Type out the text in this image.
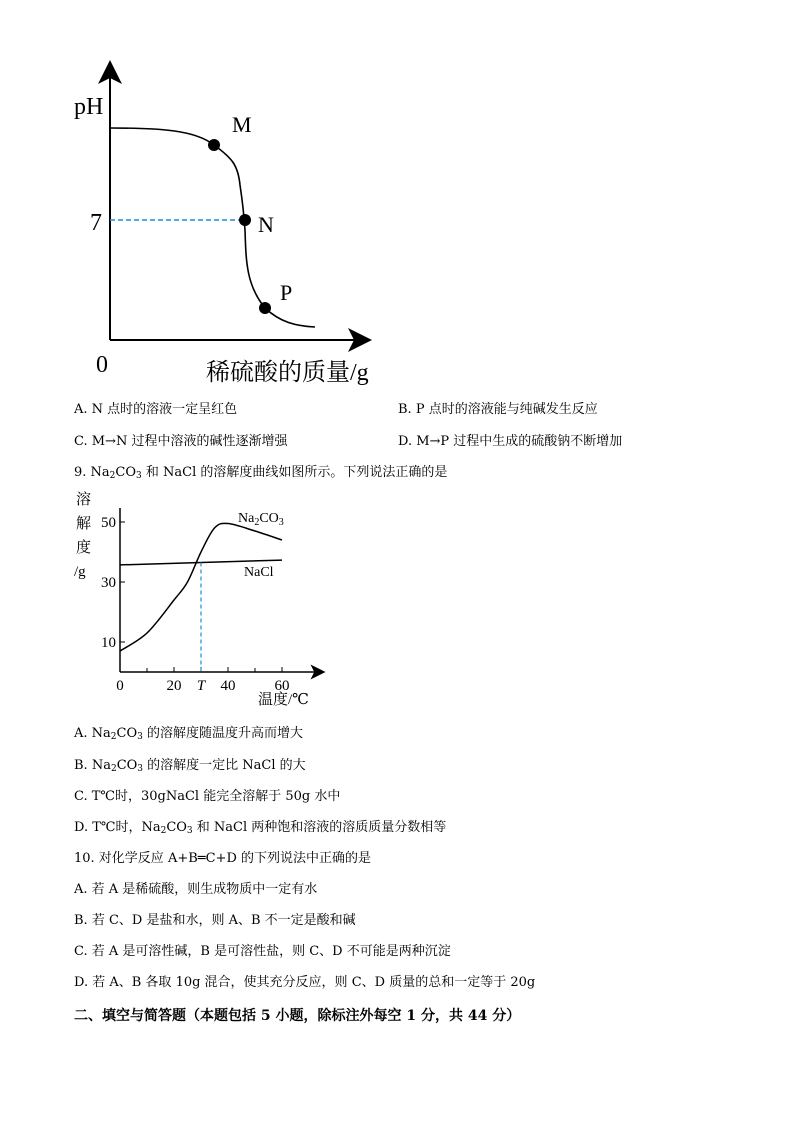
pH
7
0	稀硫酸的质量/g
M
N
P
A. N 点时的溶液一定呈红色	B. P 点时的溶液能与纯碱发生反应
C. M→N 过程中溶液的碱性逐渐增强	D. M→P 过程中生成的硫酸钠不断增加
9. $Na_2CO_3$ 和 NaCl 的溶解度曲线如图所示。下列说法正确的是
0	20 T 40	60
50
30
10
溶
解
度
/g
温度/℃
$Na_2CO_3$
NaCl
A. $Na_2CO_3$ 的溶解度随温度升高而增大
B. $Na_2CO_3$ 的溶解度一定比 NaCl 的大
C. T℃时，30gNaCl 能完全溶解于 50g 水中
D. T℃时，$Na_2CO_3$ 和 NaCl 两种饱和溶液的溶质质量分数相等
10. 对化学反应 A+B═C+D 的下列说法中正确的是
A. 若 A 是稀硫酸，则生成物质中一定有水
B. 若 C、D 是盐和水，则 A、B 不一定是酸和碱
C. 若 A 是可溶性碱，B 是可溶性盐，则 C、D 不可能是两种沉淀
D. 若 A、B 各取 10g 混合，使其充分反应，则 C、D 质量的总和一定等于 20g
二、填空与简答题（本题包括 5 小题，除标注外每空 1 分，共 44 分）
